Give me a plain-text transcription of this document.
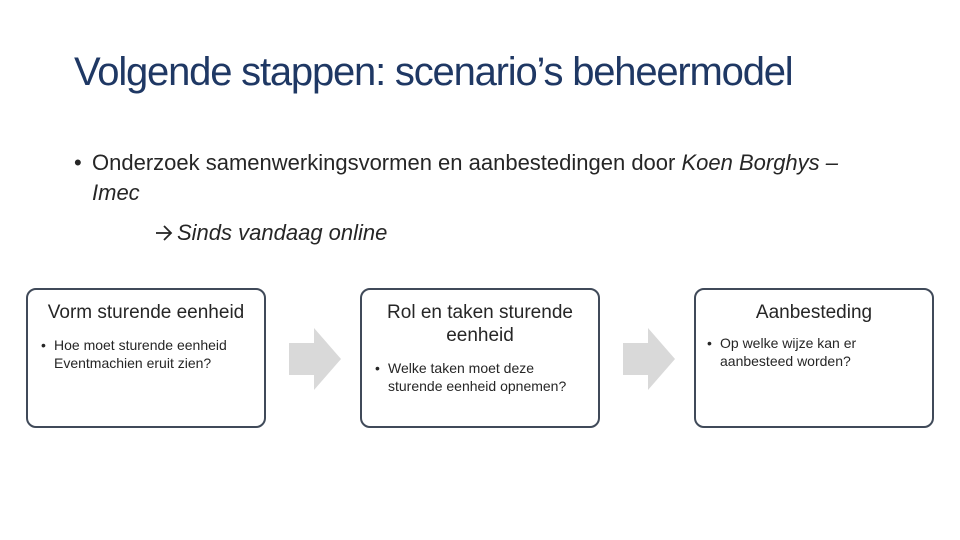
Volgende stappen: scenario’s beheermodel
• Onderzoek samenwerkingsvormen en aanbestedingen door Koen Borghys – Imec
Sinds vandaag online
Vorm sturende eenheid
• Hoe moet sturende eenheid Eventmachien eruit zien?
Rol en taken sturende eenheid
• Welke taken moet deze sturende eenheid opnemen?
Aanbesteding
• Op welke wijze kan er aanbesteed worden?
